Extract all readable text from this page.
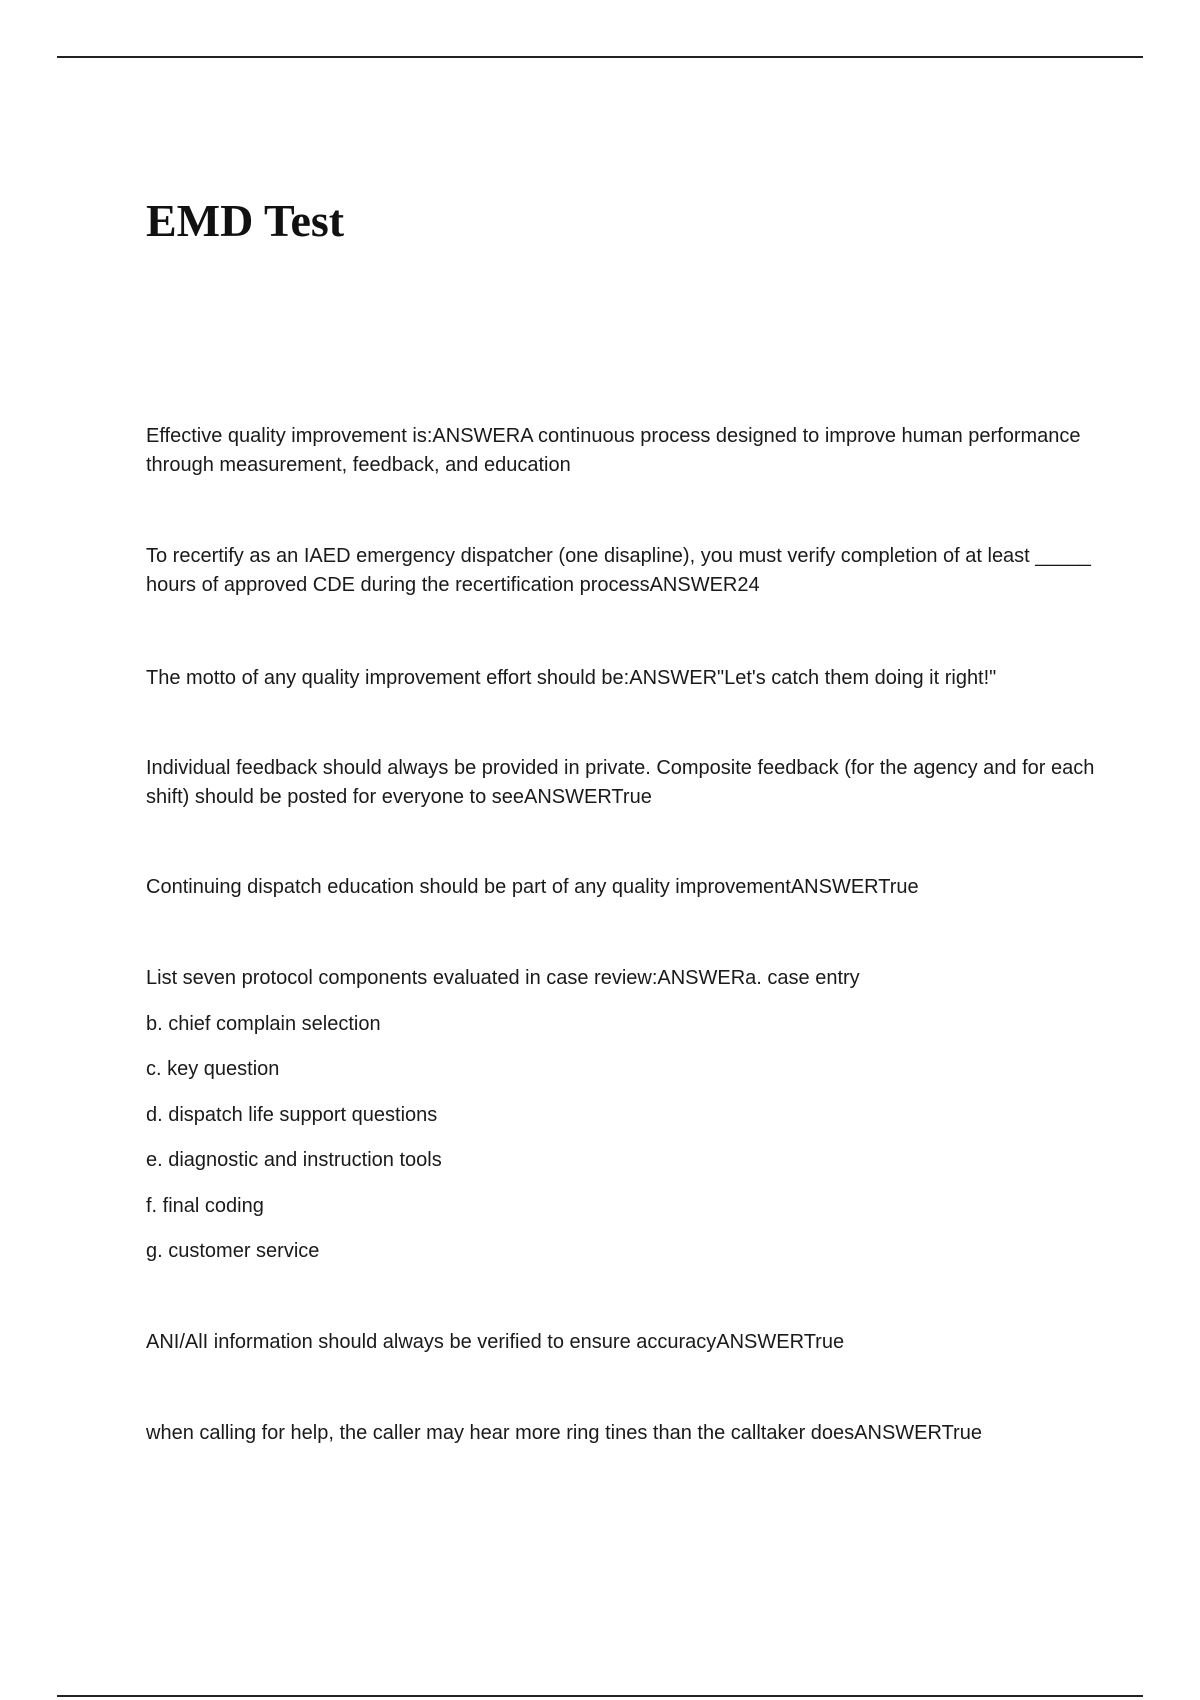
EMD Test

Effective quality improvement is:ANSWERA continuous process designed to improve human performance through measurement, feedback, and education

To recertify as an IAED emergency dispatcher (one disapline), you must verify completion of at least _____ hours of approved CDE during the recertification processANSWER24

The motto of any quality improvement effort should be:ANSWER"Let's catch them doing it right!"

Individual feedback should always be provided in private. Composite feedback (for the agency and for each shift) should be posted for everyone to seeANSWERTrue

Continuing dispatch education should be part of any quality improvementANSWERTrue

List seven protocol components evaluated in case review:ANSWERa. case entry

b. chief complain selection

c. key question

d. dispatch life support questions

e. diagnostic and instruction tools

f. final coding

g. customer service

ANI/AlI information should always be verified to ensure accuracyANSWERTrue

when calling for help, the caller may hear more ring tines than the calltaker doesANSWERTrue
